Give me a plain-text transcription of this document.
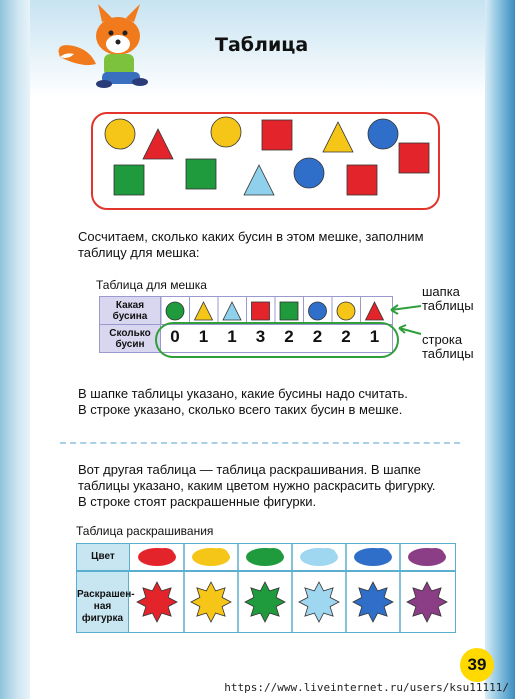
Таблица
Сосчитаем, сколько каких бусин в этом мешке, заполним
таблицу для мешка:
Таблица для мешка
Какая
бусина
Сколько
бусин	0	1	1	3	2	2	2	1
шапка
таблицы
строка
таблицы
В шапке таблицы указано, какие бусины надо считать.
В строке указано, сколько всего таких бусин в мешке.
Вот другая таблица — таблица раскрашивания. В шапке
таблицы указано, каким цветом нужно раскрасить фигурку.
В строке стоят раскрашенные фигурки.
Таблица раскрашивания
Цвет
Раскрашен-
ная фигурка
39
https://www.liveinternet.ru/users/ksu11111/
